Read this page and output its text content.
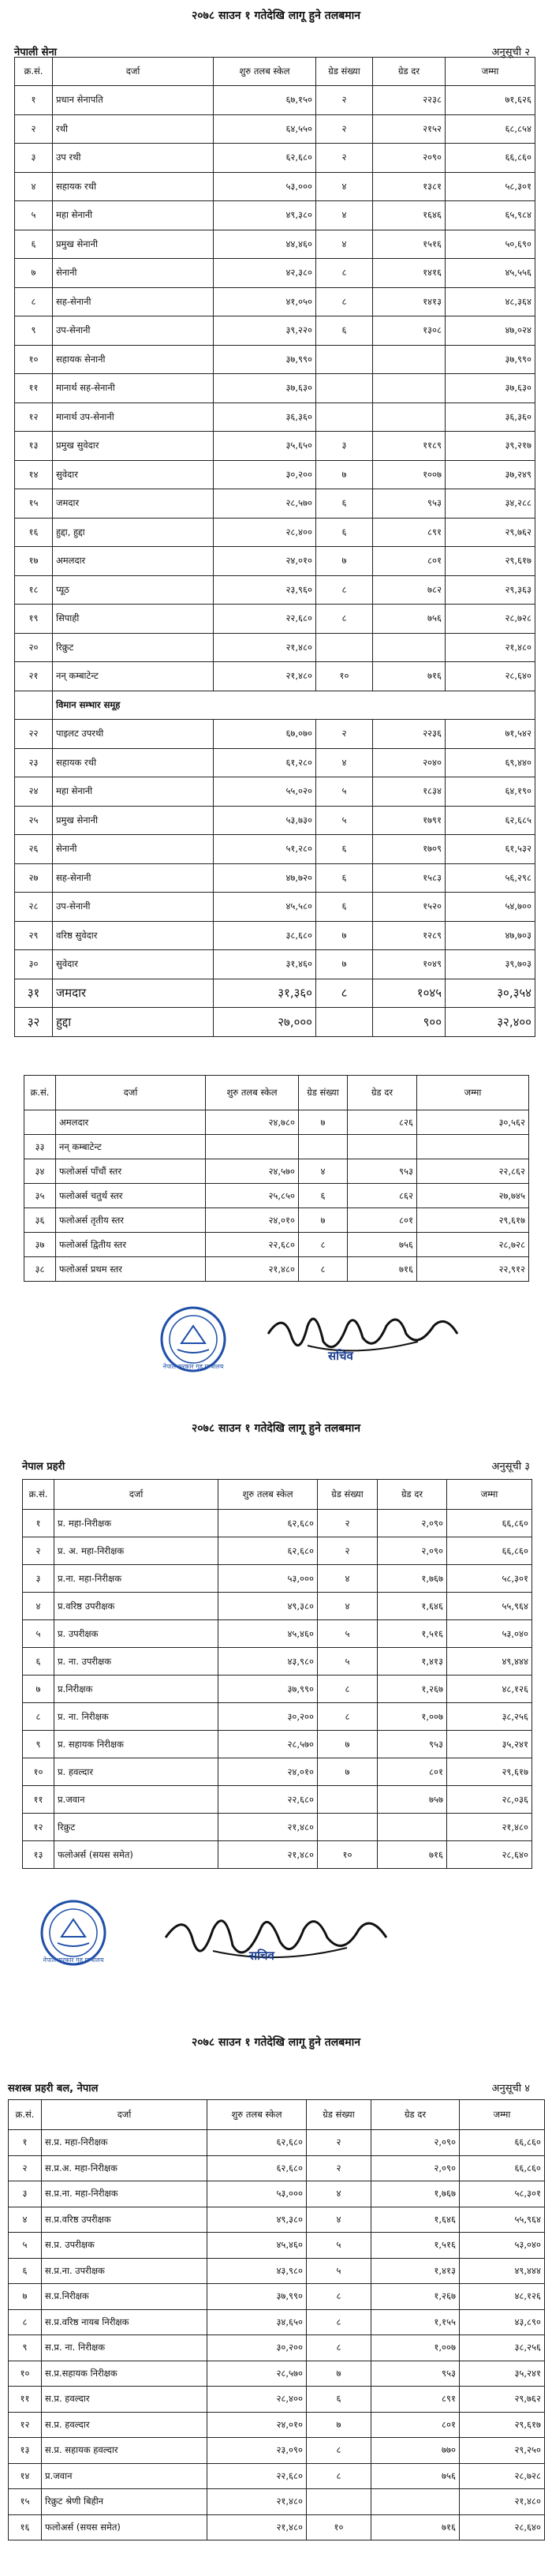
२०७८ साउन १ गतेदेखि लागू हुने तलबमान
नेपाली सेना	अनुसूची २
क्र.सं.	दर्जा	शुरु तलब स्केल	ग्रेड संख्या	ग्रेड दर	जम्मा
१	प्रधान सेनापति	६७,१५०	२	२२३८	७१,६२६
२	रथी	६४,५५०	२	२१५२	६८,८५४
३	उप रथी	६२,६८०	२	२०९०	६६,८६०
४	सहायक रथी	५३,०००	४	१३८१	५८,३०१
५	महा सेनानी	४९,३८०	४	१६४६	६५,९८४
६	प्रमुख सेनानी	४४,४६०	४	१५१६	५०,६९०
७	सेनानी	४२,३८०	८	१४१६	४५,५५६
८	सह-सेनानी	४१,०५०	८	१४१३	४८,३६४
९	उप-सेनानी	३९,२२०	६	१३०८	४७,०२४
१०	सहायक सेनानी	३७,९९०			३७,९९०
११	मानार्थ सह-सेनानी	३७,६३०			३७,६३०
१२	मानार्थ उप-सेनानी	३६,३६०			३६,३६०
१३	प्रमुख सुवेदार	३५,६५०	३	११८९	३९,२१७
१४	सुवेदार	३०,२००	७	१००७	३७,२४९
१५	जमदार	२८,५७०	६	९५३	३४,२८८
१६	हुद्दा, हुद्दा	२८,४००	६	८९१	२९,७६२
१७	अमलदार	२४,०१०	७	८०१	२९,६१७
१८	प्यूठ	२३,९६०	८	७८२	२९,३६३
१९	सिपाही	२२,६८०	८	७५६	२८,७२८
२०	रिक्रुट	२१,४८०			२१,४८०
२१	नन् कम्बाटेन्ट	२१,४८०	१०	७१६	२८,६४०
	विमान सम्भार समूह				
२२	पाइलट उपरथी	६७,०७०	२	२२३६	७१,५४२
२३	सहायक रथी	६१,२८०	४	२०४०	६९,४४०
२४	महा सेनानी	५५,०२०	५	१८३४	६४,१९०
२५	प्रमुख सेनानी	५३,७३०	५	१७९१	६२,६८५
२६	सेनानी	५१,२८०	६	१७०९	६१,५३२
२७	सह-सेनानी	४७,७२०	६	१५८३	५६,२९८
२८	उप-सेनानी	४५,५८०	६	१५२०	५४,७००
२९	वरिष्ठ सुवेदार	३८,६८०	७	१२८९	४७,७०३
३०	सुवेदार	३१,४६०	७	१०४९	३९,७०३
३१	जमदार	३१,३६०	८	१०४५	३०,३५४
३२	हुद्दा	२७,०००		९००	३२,४००
क्र.सं.	दर्जा	शुरु तलब स्केल	ग्रेड संख्या	ग्रेड दर	जम्मा
	अमलदार	२४,७८०	७	८२६	३०,५६२
३३	नन् कम्बाटेन्ट				
३४	फलोअर्स पाँचौं स्तर	२४,५७०	४	९५३	२२,८६२
३५	फलोअर्स चतुर्थ स्तर	२५,८५०	६	८६२	२७,७४५
३६	फलोअर्स तृतीय स्तर	२४,०१०	७	८०१	२९,६१७
३७	फलोअर्स द्वितीय स्तर	२२,६८०	८	७५६	२८,७२८
३८	फलोअर्स प्रथम स्तर	२१,४८०	८	७१६	२२,९१२
नेपाल सरकार गृह मन्त्रालय
सचिव
२०७८ साउन १ गतेदेखि लागू हुने तलबमान
नेपाल प्रहरी	अनुसूची ३
क्र.सं.	दर्जा	शुरु तलब स्केल	ग्रेड संख्या	ग्रेड दर	जम्मा
१	प्र. महा-निरीक्षक	६२,६८०	२	२,०९०	६६,८६०
२	प्र. अ. महा-निरीक्षक	६२,६८०	२	२,०९०	६६,८६०
३	प्र.ना. महा-निरीक्षक	५३,०००	४	१,७६७	५८,३०१
४	प्र.वरिष्ठ उपरीक्षक	४९,३८०	४	१,६४६	५५,९६४
५	प्र. उपरीक्षक	४५,४६०	५	१,५१६	५३,०४०
६	प्र. ना. उपरीक्षक	४३,९८०	५	१,४१३	४९,४४४
७	प्र.निरीक्षक	३७,९९०	८	१,२६७	४८,१२६
८	प्र. ना. निरीक्षक	३०,२००	८	१,००७	३८,२५६
९	प्र. सहायक निरीक्षक	२८,५७०	७	९५३	३५,२४१
१०	प्र. हवल्दार	२४,०१०	७	८०१	२९,६१७
११	प्र.जवान	२२,६८०		७५७	२८,०३६
१२	रिक्रुट	२१,४८०			२१,४८०
१३	फलोअर्स (सयस समेत)	२१,४८०	१०	७१६	२८,६४०
नेपाल सरकार गृह मन्त्रालय	सचिव
२०७८ साउन १ गतेदेखि लागू हुने तलबमान
सशस्त्र प्रहरी बल, नेपाल	अनुसूची ४
क्र.सं.	दर्जा	शुरु तलब स्केल	ग्रेड संख्या	ग्रेड दर	जम्मा
१	स.प्र. महा-निरीक्षक	६२,६८०	२	२,०९०	६६,८६०
२	स.प्र.अ. महा-निरीक्षक	६२,६८०	२	२,०९०	६६,८६०
३	स.प्र.ना. महा-निरीक्षक	५३,०००	४	१,७६७	५८,३०१
४	स.प्र.वरिष्ठ उपरीक्षक	४९,३८०	४	१,६४६	५५,९६४
५	स.प्र. उपरीक्षक	४५,४६०	५	१,५१६	५३,०४०
६	स.प्र.ना. उपरीक्षक	४३,९८०	५	१,४१३	४९,४४४
७	स.प्र.निरीक्षक	३७,९९०	८	१,२६७	४८,१२६
८	स.प्र.वरिष्ठ नायब निरीक्षक	३४,६५०	८	१,१५५	४३,८९०
९	स.प्र. ना. निरीक्षक	३०,२००	८	१,००७	३८,२५६
१०	स.प्र.सहायक निरीक्षक	२८,५७०	७	९५३	३५,२४१
११	स.प्र. हवल्दार	२८,४००	६	८९१	२९,७६२
१२	स.प्र. हवल्दार	२४,०१०	७	८०१	२९,६१७
१३	स.प्र. सहायक हवल्दार	२३,०९०	८	७७०	२९,२५०
१४	प्र.जवान	२२,६८०	८	७५६	२८,७२८
१५	रिक्रुट श्रेणी बिहीन	२१,४८०			२१,४८०
१६	फलोअर्स (सयस समेत)	२१,४८०	१०	७१६	२८,६४०
